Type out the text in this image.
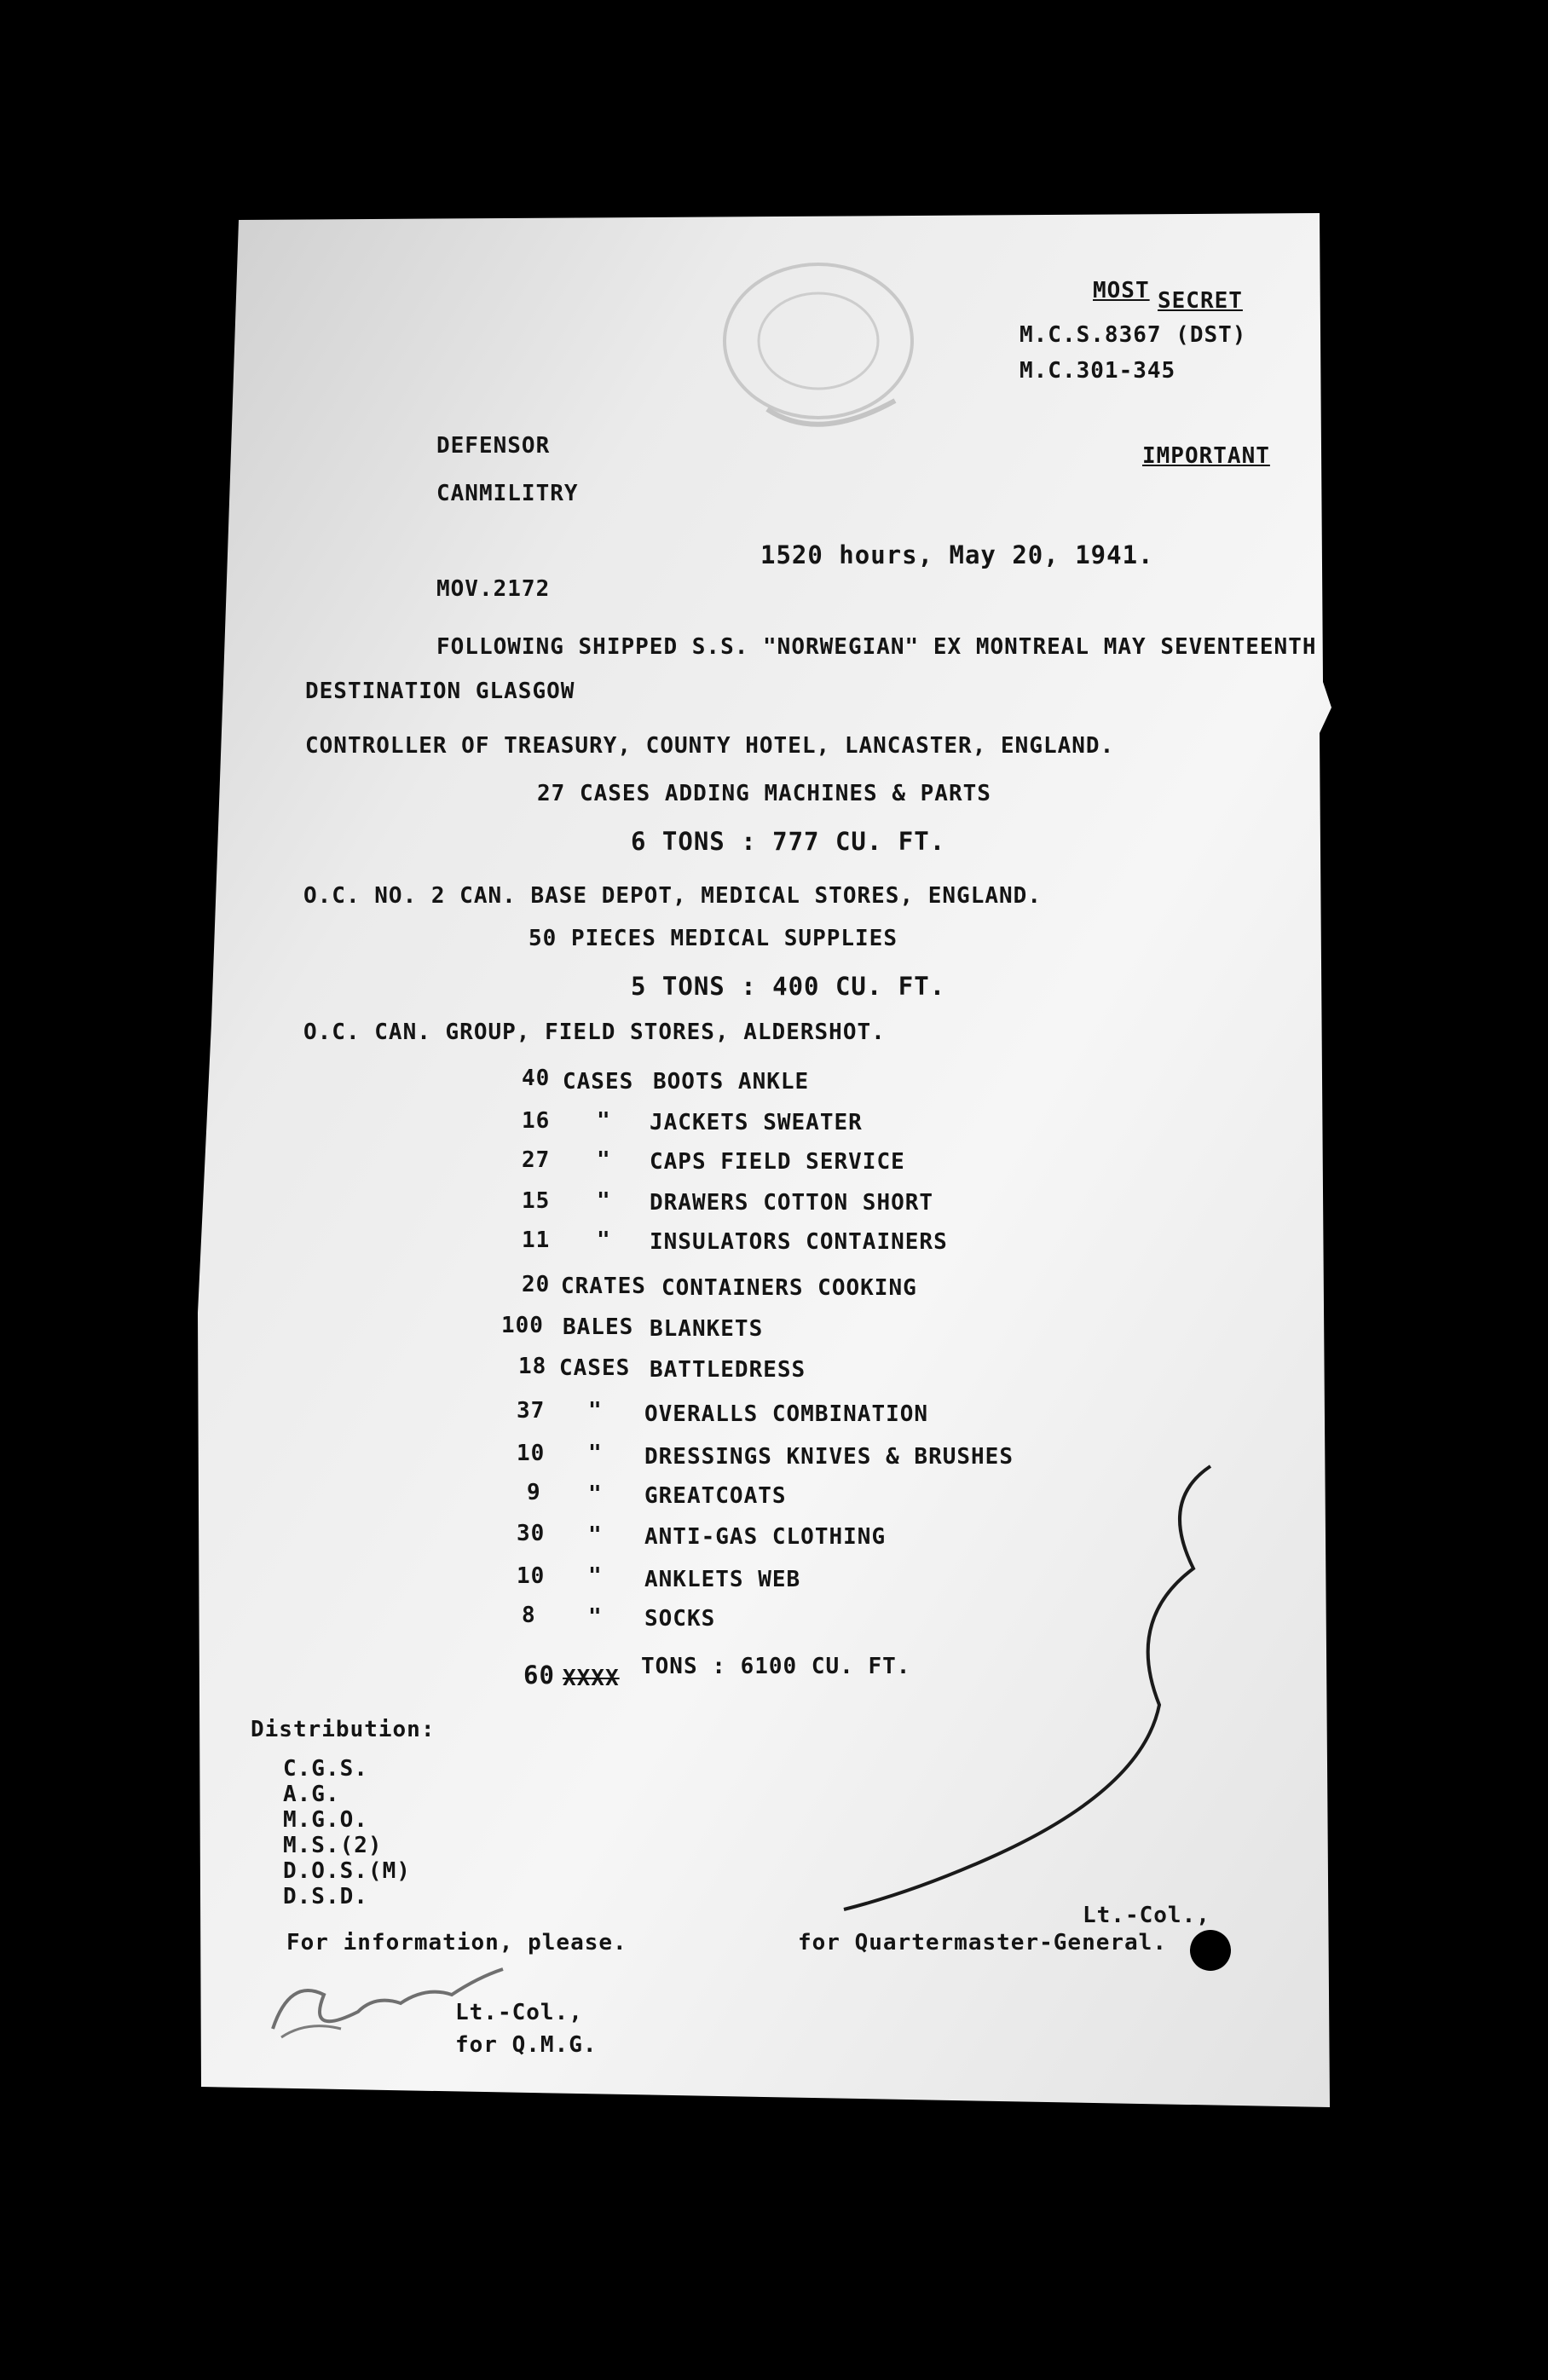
MOST SECRET
M.C.S.8367 (DST)
M.C.301-345
DEFENSOR	IMPORTANT
CANMILITRY
1520 hours, May 20, 1941.
MOV.2172
FOLLOWING SHIPPED S.S. "NORWEGIAN" EX MONTREAL MAY SEVENTEENTH
DESTINATION GLASGOW
CONTROLLER OF TREASURY, COUNTY HOTEL, LANCASTER, ENGLAND.
27 CASES ADDING MACHINES & PARTS
6 TONS : 777 CU. FT.
O.C. NO. 2 CAN. BASE DEPOT, MEDICAL STORES, ENGLAND.
50 PIECES MEDICAL SUPPLIES
5 TONS : 400 CU. FT.
O.C. CAN. GROUP, FIELD STORES, ALDERSHOT.
40 CASES BOOTS ANKLE
16 " JACKETS SWEATER
27 " CAPS FIELD SERVICE
15 " DRAWERS COTTON SHORT
11 " INSULATORS CONTAINERS
20 CRATES CONTAINERS COOKING
100 BALES BLANKETS
18 CASES BATTLEDRESS
37 " OVERALLS COMBINATION
10 " DRESSINGS KNIVES & BRUSHES
9 " GREATCOATS
30 " ANTI-GAS CLOTHING
10 " ANKLETS WEB
8 " SOCKS
60 XXXX TONS : 6100 CU. FT.
Distribution:
C.G.S.
A.G.
M.G.O.
M.S.(2)
D.O.S.(M)
D.S.D.
For information, please.
Lt.-Col.,
for Q.M.G.
Lt.-Col.,
for Quartermaster-General.
